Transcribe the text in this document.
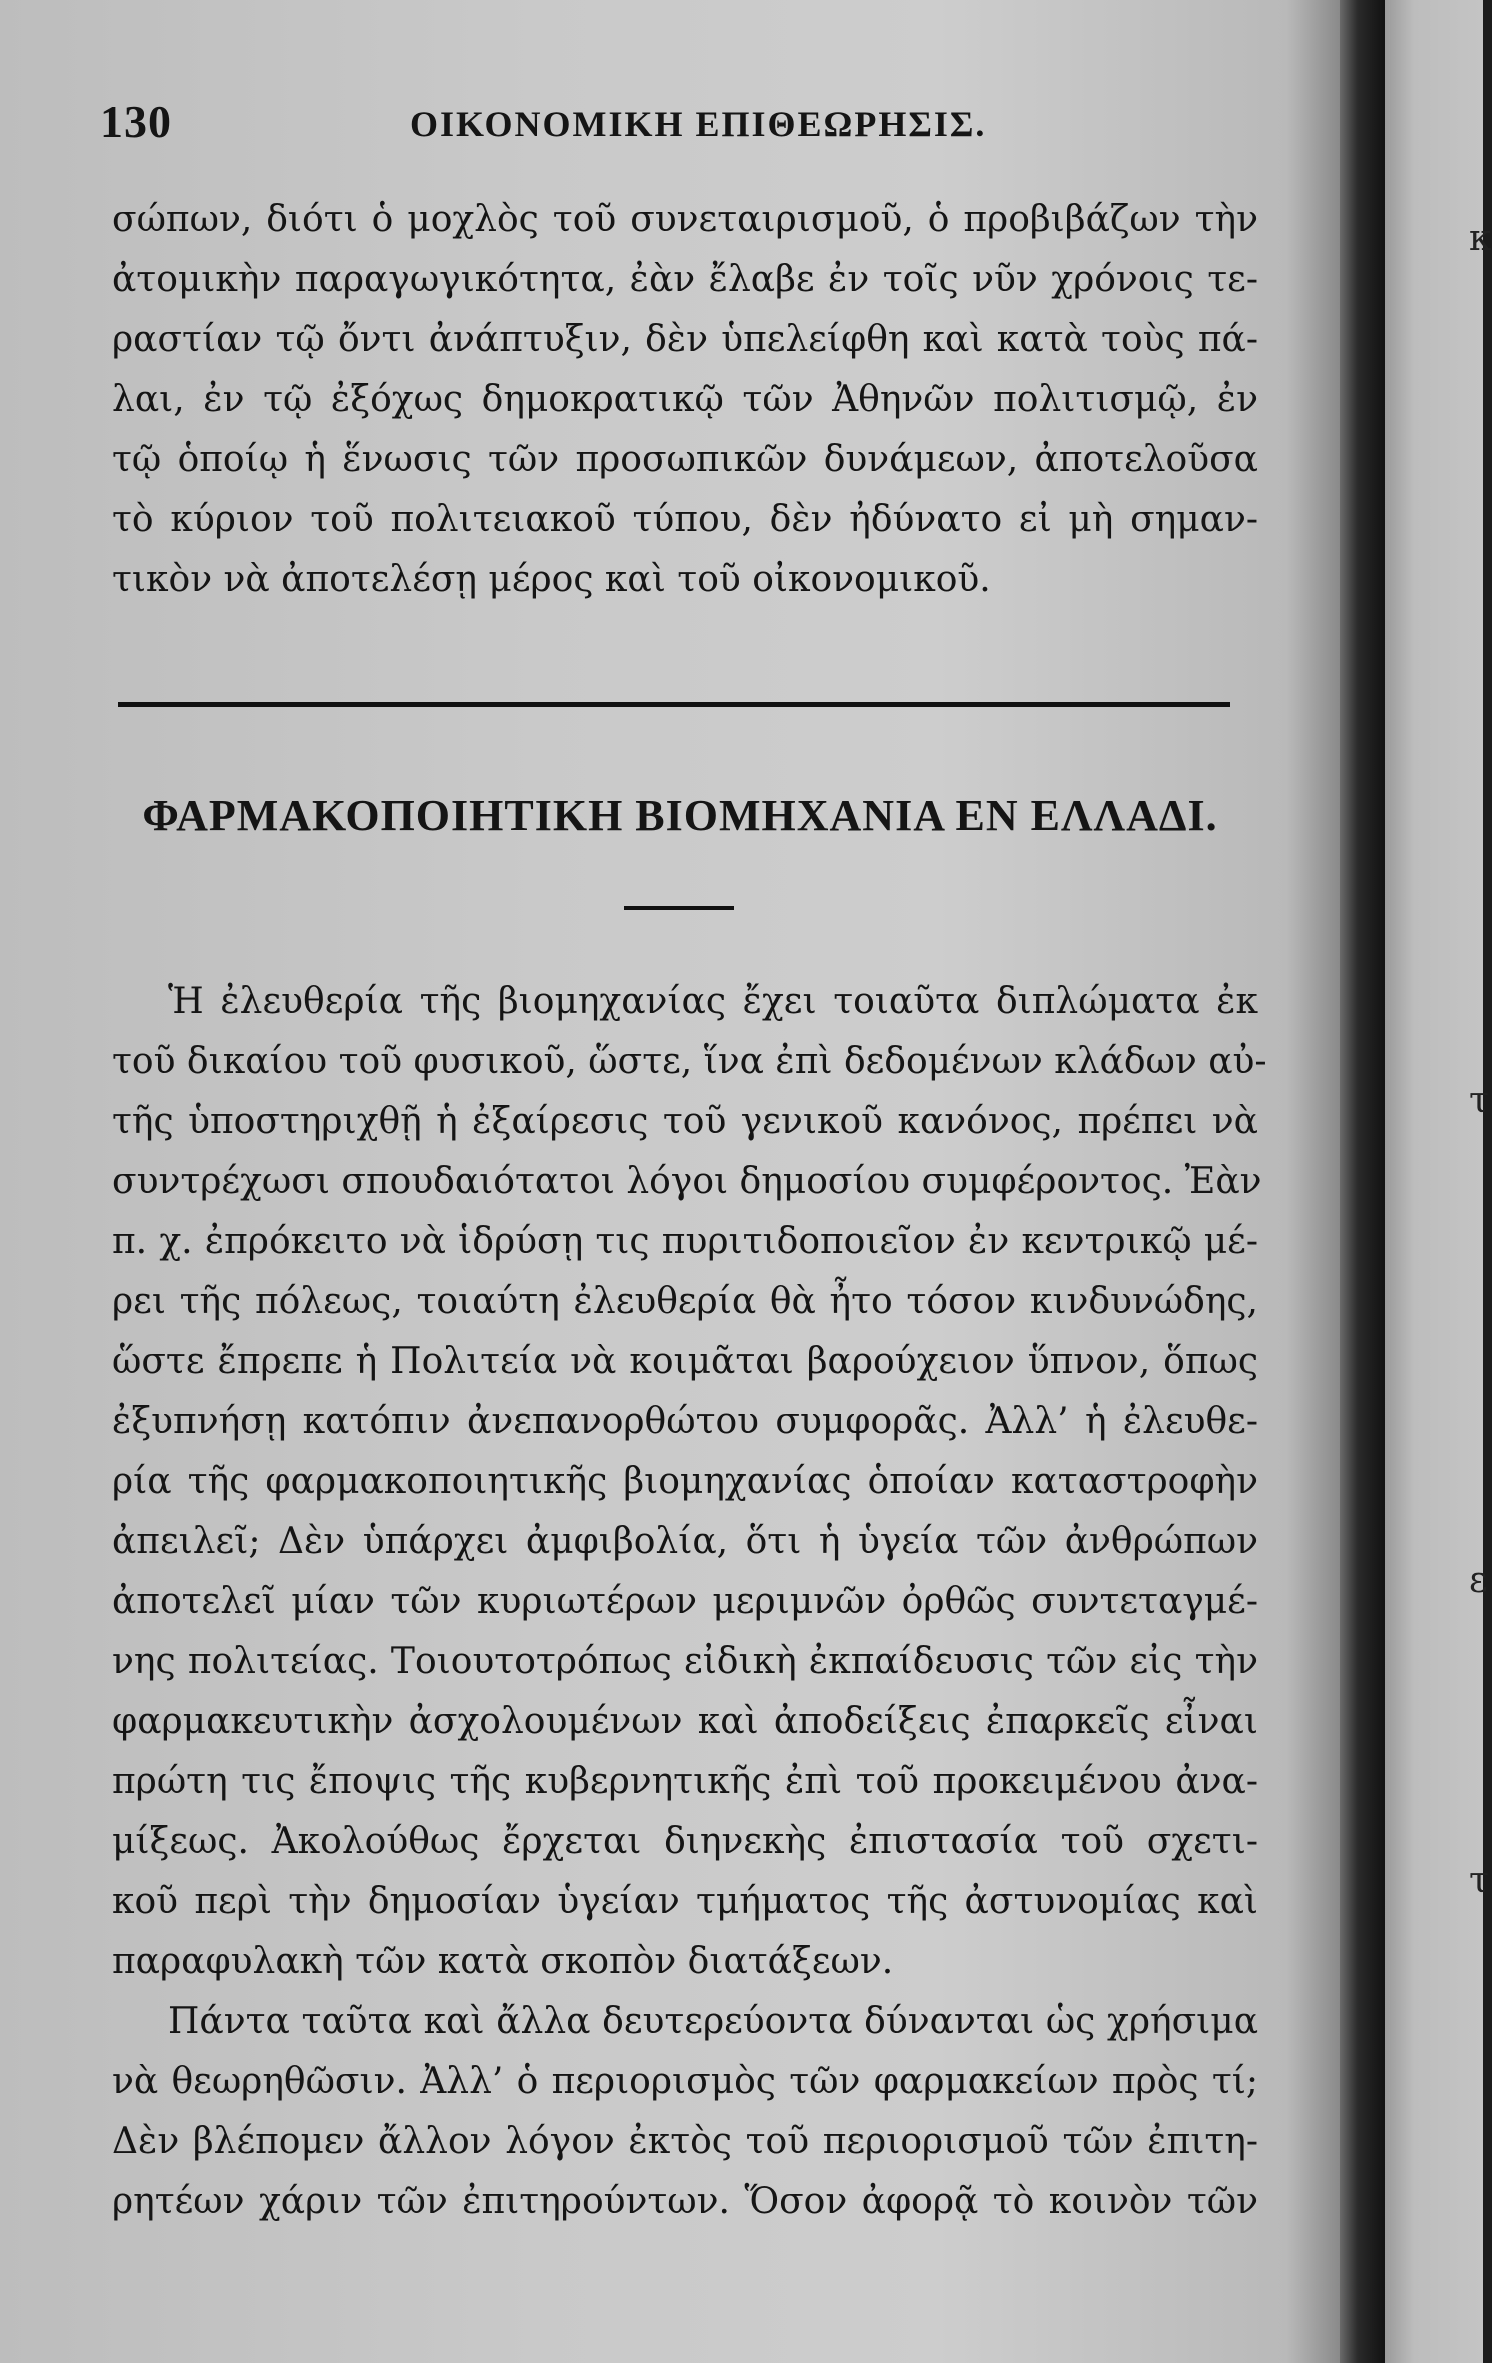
130	ΟΙΚΟΝΟΜΙΚΗ ΕΠΙΘΕΩΡΗΣΙΣ.
σώπων, διότι ὁ μοχλὸς τοῦ συνεταιρισμοῦ, ὁ προβιβάζων τὴν
ἀτομικὴν παραγωγικότητα, ἐὰν ἔλαβε ἐν τοῖς νῦν χρόνοις τε-
ραστίαν τῷ ὄντι ἀνάπτυξιν, δὲν ὑπελείφθη καὶ κατὰ τοὺς πά-
λαι, ἐν τῷ ἐξόχως δημοκρατικῷ τῶν Ἀθηνῶν πολιτισμῷ, ἐν
τῷ ὁποίῳ ἡ ἕνωσις τῶν προσωπικῶν δυνάμεων, ἀποτελοῦσα
τὸ κύριον τοῦ πολιτειακοῦ τύπου, δὲν ἠδύνατο εἰ μὴ σημαν-
τικὸν νὰ ἀποτελέσῃ μέρος καὶ τοῦ οἰκονομικοῦ.
ΦΑΡΜΑΚΟΠΟΙΗΤΙΚΗ ΒΙΟΜΗΧΑΝΙΑ ΕΝ ΕΛΛΑΔΙ.
Ἡ ἐλευθερία τῆς βιομηχανίας ἔχει τοιαῦτα διπλώματα ἐκ
τοῦ δικαίου τοῦ φυσικοῦ, ὥστε, ἵνα ἐπὶ δεδομένων κλάδων αὐ-
τῆς ὑποστηριχθῇ ἡ ἐξαίρεσις τοῦ γενικοῦ κανόνος, πρέπει νὰ
συντρέχωσι σπουδαιότατοι λόγοι δημοσίου συμφέροντος. Ἐὰν
π. χ. ἐπρόκειτο νὰ ἱδρύσῃ τις πυριτιδοποιεῖον ἐν κεντρικῷ μέ-
ρει τῆς πόλεως, τοιαύτη ἐλευθερία θὰ ἦτο τόσον κινδυνώδης,
ὥστε ἔπρεπε ἡ Πολιτεία νὰ κοιμᾶται βαρούχειον ὕπνον, ὅπως
ἐξυπνήσῃ κατόπιν ἀνεπανορθώτου συμφορᾶς. Ἀλλ’ ἡ ἐλευθε-
ρία τῆς φαρμακοποιητικῆς βιομηχανίας ὁποίαν καταστροφὴν
ἀπειλεῖ; Δὲν ὑπάρχει ἀμφιβολία, ὅτι ἡ ὑγεία τῶν ἀνθρώπων
ἀποτελεῖ μίαν τῶν κυριωτέρων μεριμνῶν ὀρθῶς συντεταγμέ-
νης πολιτείας. Τοιουτοτρόπως εἰδικὴ ἐκπαίδευσις τῶν εἰς τὴν
φαρμακευτικὴν ἀσχολουμένων καὶ ἀποδείξεις ἐπαρκεῖς εἶναι
πρώτη τις ἔποψις τῆς κυβερνητικῆς ἐπὶ τοῦ προκειμένου ἀνα-
μίξεως. Ἀκολούθως ἔρχεται διηνεκὴς ἐπιστασία τοῦ σχετι-
κοῦ περὶ τὴν δημοσίαν ὑγείαν τμήματος τῆς ἀστυνομίας καὶ
παραφυλακὴ τῶν κατὰ σκοπὸν διατάξεων.
Πάντα ταῦτα καὶ ἄλλα δευτερεύοντα δύνανται ὡς χρήσιμα
νὰ θεωρηθῶσιν. Ἀλλ’ ὁ περιορισμὸς τῶν φαρμακείων πρὸς τί;
Δὲν βλέπομεν ἄλλον λόγον ἐκτὸς τοῦ περιορισμοῦ τῶν ἐπιτη-
ρητέων χάριν τῶν ἐπιτηρούντων. Ὅσον ἀφορᾷ τὸ κοινὸν τῶν
κ
τ
ε
τ
